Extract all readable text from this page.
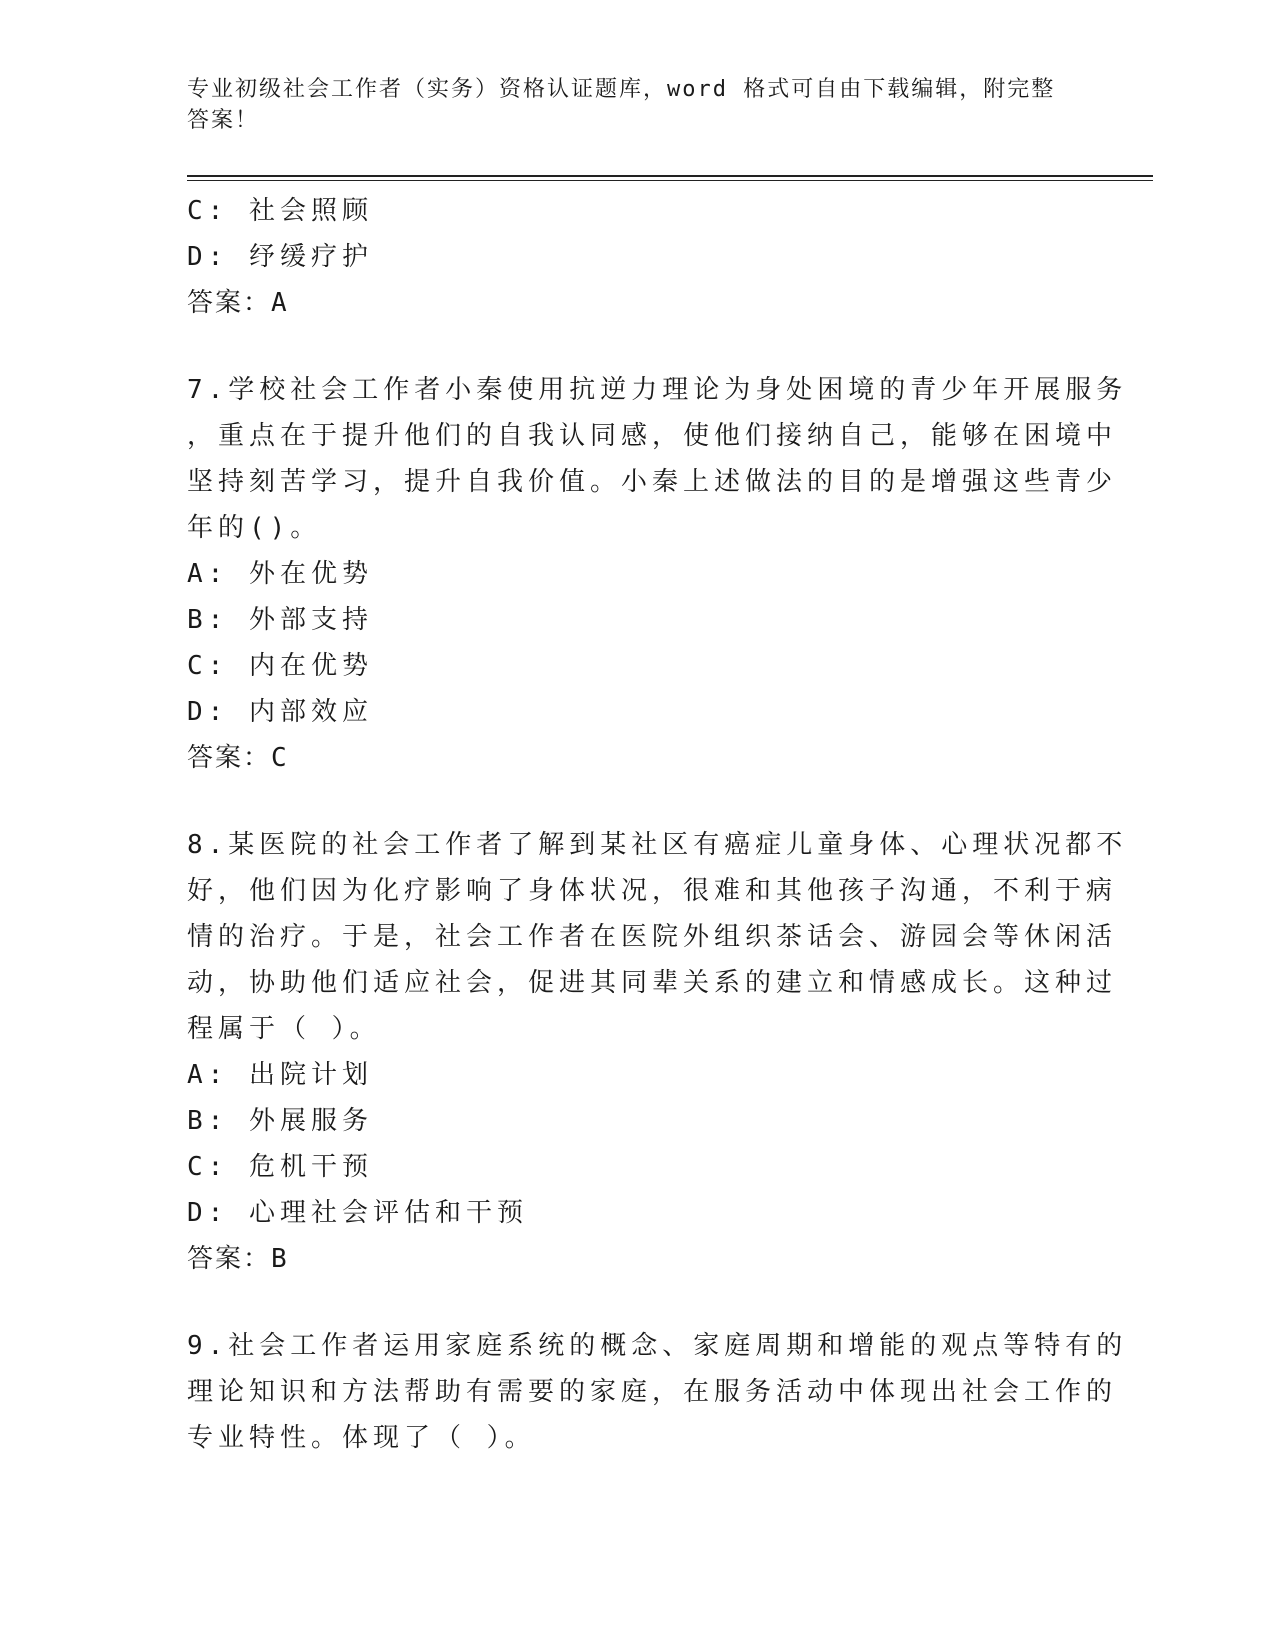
专业初级社会工作者（实务）资格认证题库，word 格式可自由下载编辑，附完整
答案！
C: 社会照顾
D: 纾缓疗护
答案：A
7.学校社会工作者小秦使用抗逆力理论为身处困境的青少年开展服务
，重点在于提升他们的自我认同感，使他们接纳自己，能够在困境中
坚持刻苦学习，提升自我价值。小秦上述做法的目的是增强这些青少
年的()。
A: 外在优势
B: 外部支持
C: 内在优势
D: 内部效应
答案：C
8.某医院的社会工作者了解到某社区有癌症儿童身体、心理状况都不
好，他们因为化疗影响了身体状况，很难和其他孩子沟通，不利于病
情的治疗。于是，社会工作者在医院外组织茶话会、游园会等休闲活
动，协助他们适应社会，促进其同辈关系的建立和情感成长。这种过
程属于（ ）。
A: 出院计划
B: 外展服务
C: 危机干预
D: 心理社会评估和干预
答案：B
9.社会工作者运用家庭系统的概念、家庭周期和增能的观点等特有的
理论知识和方法帮助有需要的家庭，在服务活动中体现出社会工作的
专业特性。体现了（ ）。
